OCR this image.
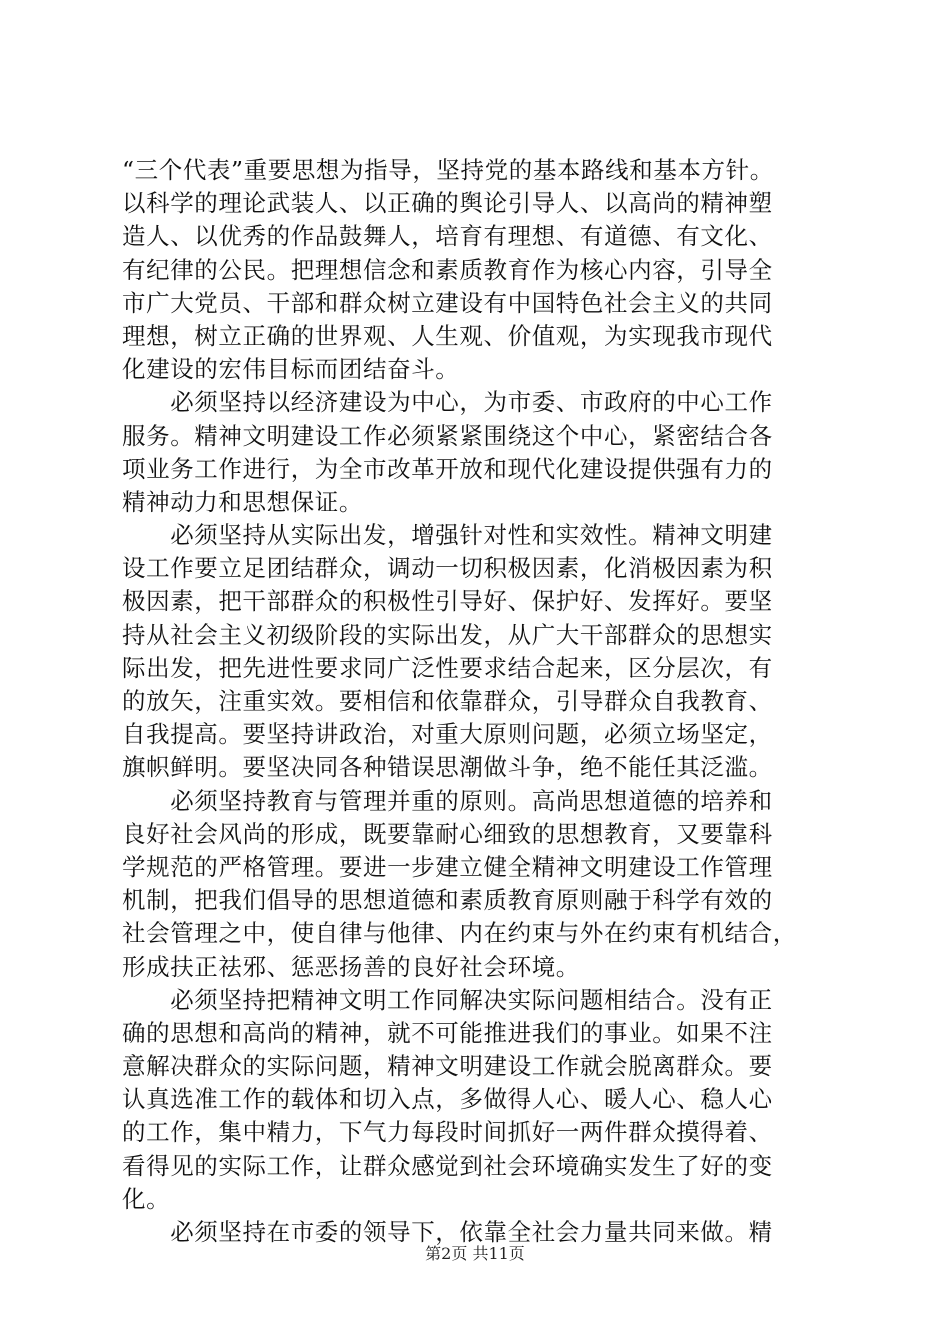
“三个代表”重要思想为指导，坚持党的基本路线和基本方针。
以科学的理论武装人、以正确的舆论引导人、以高尚的精神塑
造人、以优秀的作品鼓舞人，培育有理想、有道德、有文化、
有纪律的公民。把理想信念和素质教育作为核心内容，引导全
市广大党员、干部和群众树立建设有中国特色社会主义的共同
理想，树立正确的世界观、人生观、价值观，为实现我市现代
化建设的宏伟目标而团结奋斗。
　　必须坚持以经济建设为中心，为市委、市政府的中心工作
服务。精神文明建设工作必须紧紧围绕这个中心，紧密结合各
项业务工作进行，为全市改革开放和现代化建设提供强有力的
精神动力和思想保证。
　　必须坚持从实际出发，增强针对性和实效性。精神文明建
设工作要立足团结群众，调动一切积极因素，化消极因素为积
极因素，把干部群众的积极性引导好、保护好、发挥好。要坚
持从社会主义初级阶段的实际出发，从广大干部群众的思想实
际出发，把先进性要求同广泛性要求结合起来，区分层次，有
的放矢，注重实效。要相信和依靠群众，引导群众自我教育、
自我提高。要坚持讲政治，对重大原则问题，必须立场坚定，
旗帜鲜明。要坚决同各种错误思潮做斗争，绝不能任其泛滥。
　　必须坚持教育与管理并重的原则。高尚思想道德的培养和
良好社会风尚的形成，既要靠耐心细致的思想教育，又要靠科
学规范的严格管理。要进一步建立健全精神文明建设工作管理
机制，把我们倡导的思想道德和素质教育原则融于科学有效的
社会管理之中，使自律与他律、内在约束与外在约束有机结合，
形成扶正祛邪、惩恶扬善的良好社会环境。
　　必须坚持把精神文明工作同解决实际问题相结合。没有正
确的思想和高尚的精神，就不可能推进我们的事业。如果不注
意解决群众的实际问题，精神文明建设工作就会脱离群众。要
认真选准工作的载体和切入点，多做得人心、暖人心、稳人心
的工作，集中精力，下气力每段时间抓好一两件群众摸得着、
看得见的实际工作，让群众感觉到社会环境确实发生了好的变
化。
　　必须坚持在市委的领导下，依靠全社会力量共同来做。精
第2页 共11页
